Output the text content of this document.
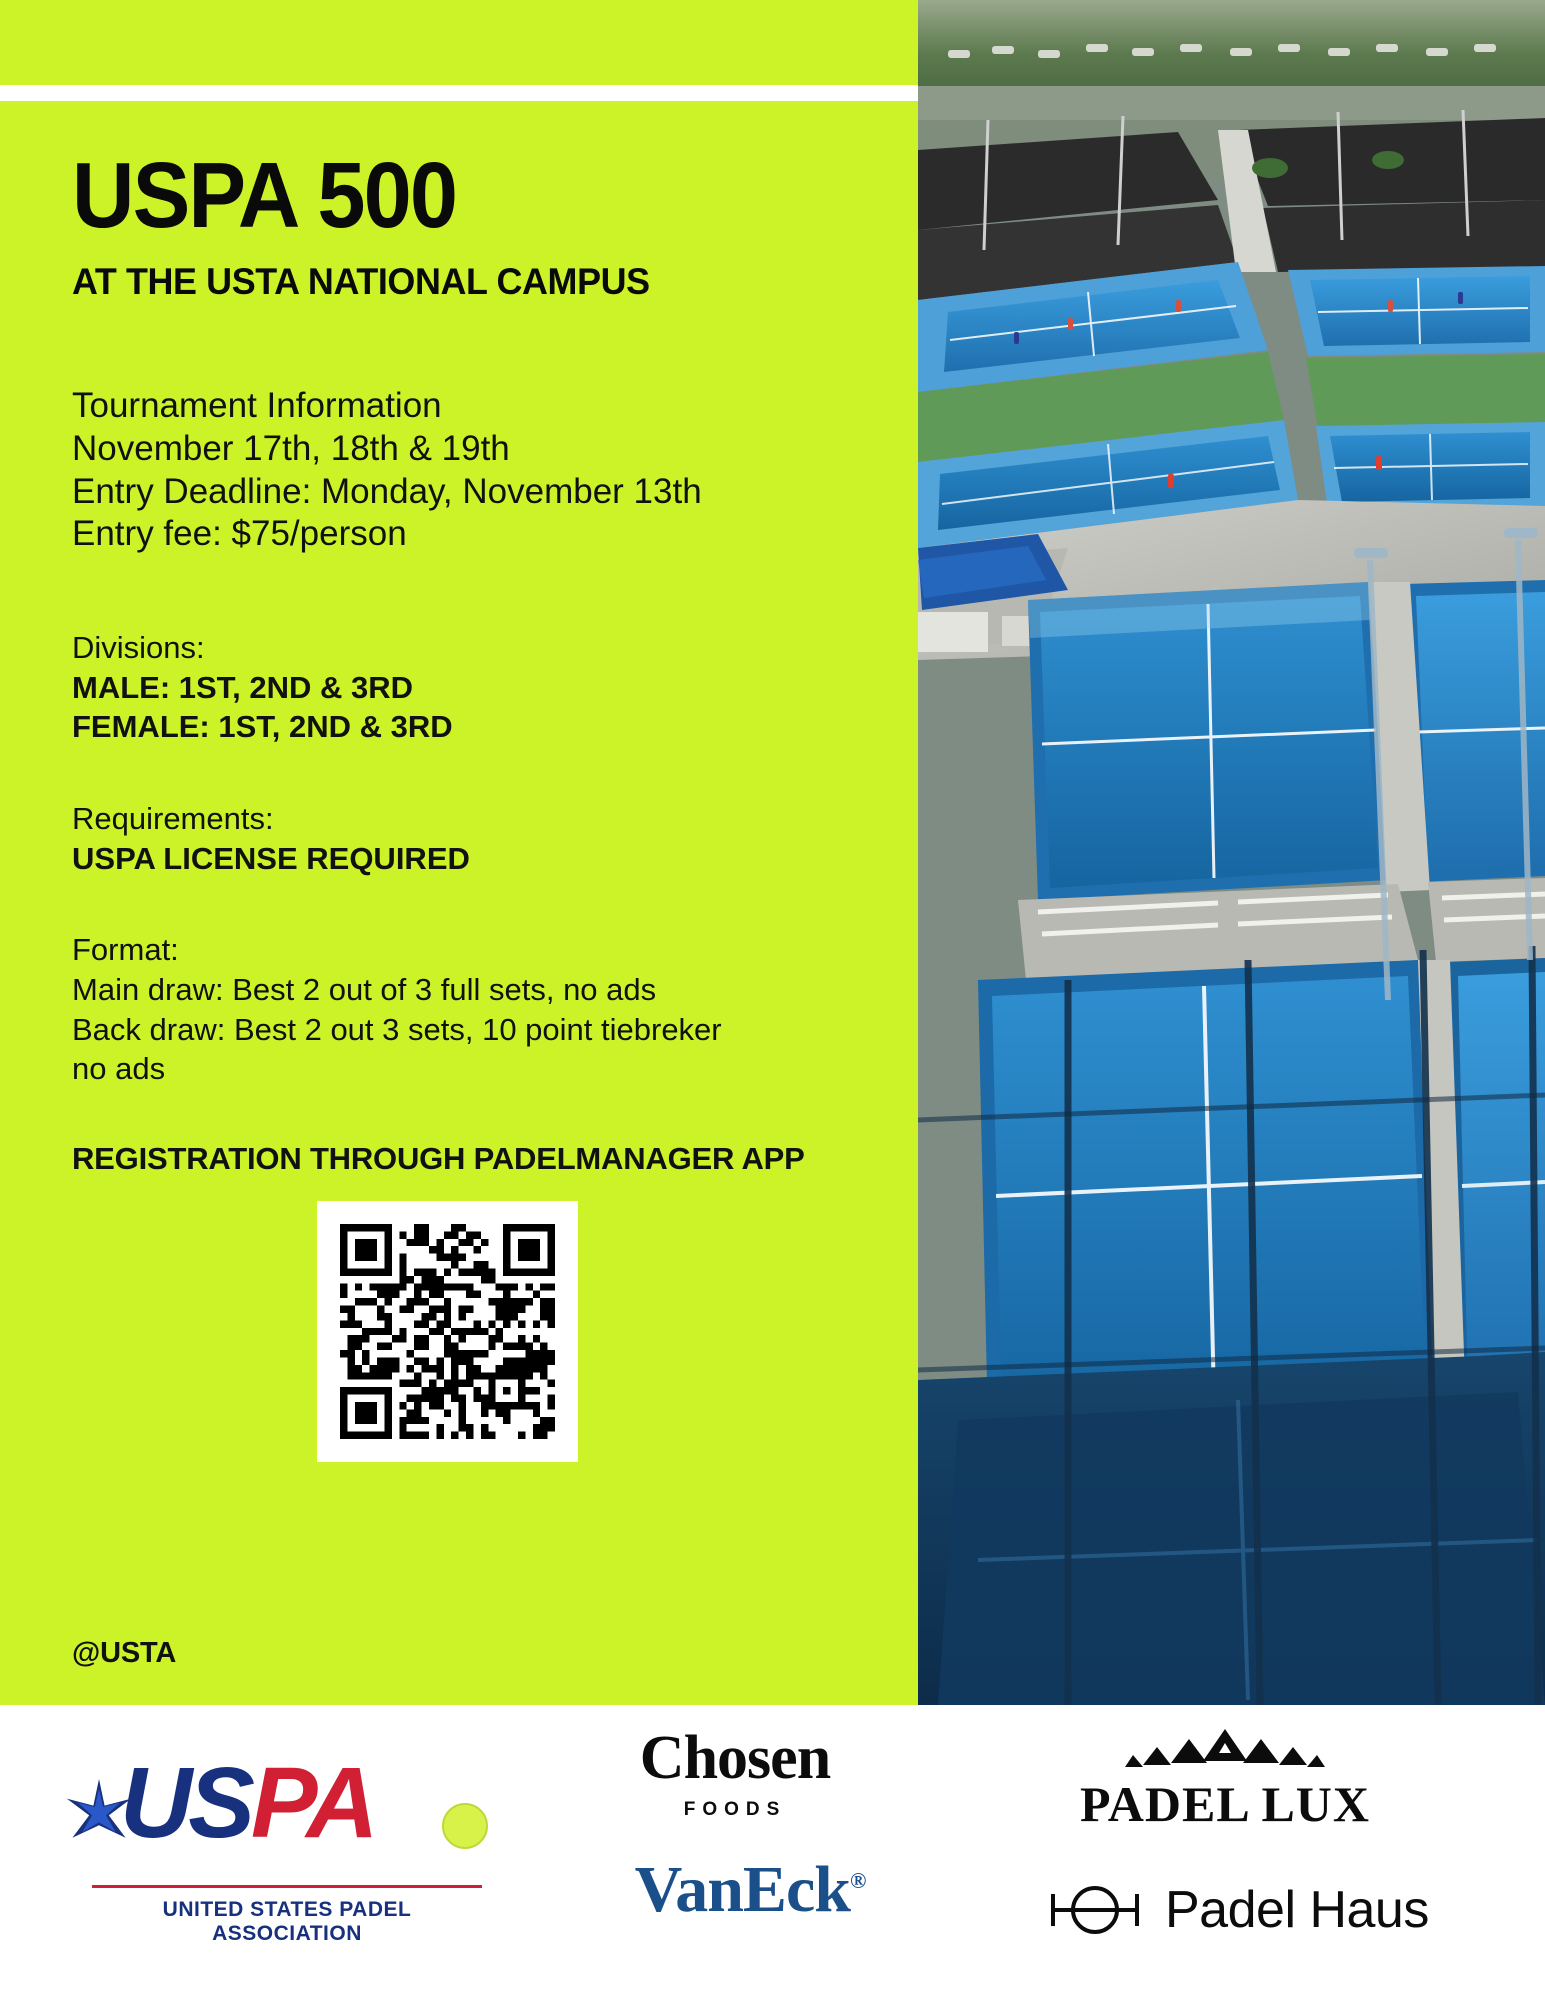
USPA 500
AT THE USTA NATIONAL CAMPUS
Tournament Information
November 17th, 18th & 19th
Entry Deadline: Monday, November 13th
Entry fee: $75/person
Divisions:
MALE: 1ST, 2ND & 3RD
FEMALE: 1ST, 2ND & 3RD
Requirements:
USPA LICENSE REQUIRED
Format:
Main draw: Best 2 out of 3 full sets, no ads
Back draw: Best 2 out 3 sets, 10 point tiebreker
no ads
REGISTRATION THROUGH PADELMANAGER APP
@USTA
USPA
UNITED STATES PADEL ASSOCIATION
Chosen
FOODS
VanEck®
PADEL LUX
Padel Haus
